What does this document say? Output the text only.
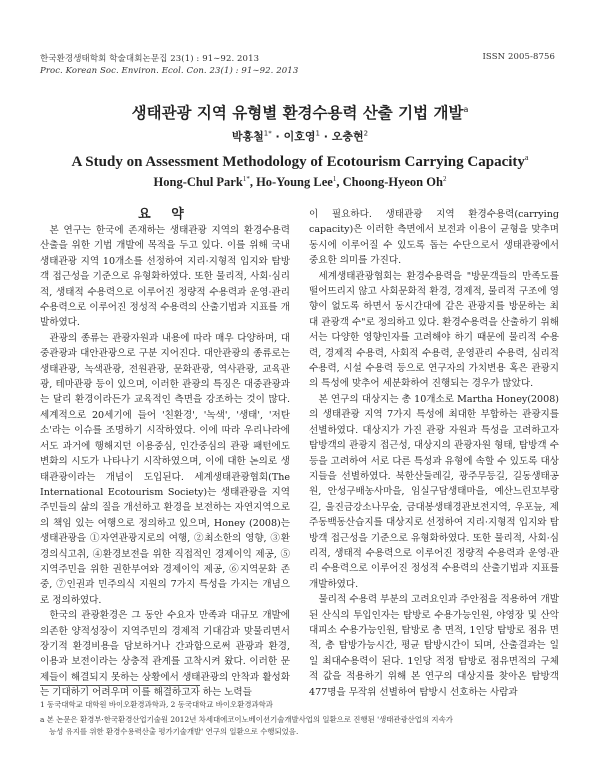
한국환경생태학회 학술대회논문집 23(1) : 91∼92. 2013
Proc. Korean Soc. Environ. Ecol. Con. 23(1) : 91∼92. 2013
ISSN 2005-8756
생태관광 지역 유형별 환경수용력 산출 기법 개발$^a$
박홍철$^{1*}$ · 이호영$^1$ · 오충현$^2$
A Study on Assessment Methodology of Ecotourism Carrying Capacity$^a$
Hong-Chul Park$^{1*}$, Ho-Young Lee$^1$, Choong-Hyeon Oh$^2$
요 약

본 연구는 한국에 존재하는 생태관광 지역의 환경수용력 산출을 위한 기법 개발에 목적을 두고 있다. 이를 위해 국내 생태관광 지역 10개소를 선정하여 지리·지형적 입지와 탐방객 접근성을 기준으로 유형화하였다. 또한 물리적, 사회·심리적, 생태적 수용력으로 이루어진 정량적 수용력과 운영·관리 수용력으로 이루어진 정성적 수용력의 산출기법과 지표를 개발하였다.

관광의 종류는 관광자원과 내용에 따라 매우 다양하며, 대중관광과 대안관광으로 구분 지어진다. 대안관광의 종류로는 생태관광, 녹색관광, 전원관광, 문화관광, 역사관광, 교육관광, 테마관광 등이 있으며, 이러한 관광의 특징은 대중관광과는 달리 환경이라든가 교육적인 측면을 강조하는 것이 많다. 세계적으로 20세기에 들어 '친환경', '녹색', '생태', '저탄소'라는 이슈를 조명하기 시작하였다. 이에 따라 우리나라에서도 과거에 행해지던 이용중심, 인간중심의 관광 패턴에도 변화의 시도가 나타나기 시작하였으며, 이에 대한 논의로 생태관광이라는 개념이 도입된다. 세계생태관광협회(The International Ecotourism Society)는 생태관광을 지역주민들의 삶의 질을 개선하고 환경을 보전하는 자연지역으로의 책임 있는 여행으로 정의하고 있으며, Honey (2008)는 생태관광을 ①자연관광지로의 여행, ②최소한의 영향, ③환경의식고취, ④환경보전을 위한 직접적인 경제이익 제공, ⑤지역주민을 위한 권한부여와 경제이익 제공, ⑥지역문화 존중, ⑦인권과 민주의식 지원의 7가지 특성을 가지는 개념으로 정의하였다.

한국의 관광환경은 그 동안 수요자 만족과 대규모 개발에 의존한 양적성장이 지역주민의 경제적 기대감과 맞물리면서 장기적 환경비용을 담보하거나 간과함으로써 관광과 환경, 이용과 보전이라는 상충적 관계를 고착시켜 왔다. 이러한 문제들이 해결되지 못하는 상황에서 생태관광의 안착과 활성화는 기대하기 어려우며 이를 해결하고자 하는 노력들

이 필요하다. 생태관광 지역 환경수용력(carrying capacity)은 이러한 측면에서 보전과 이용이 균형을 맞추며 동시에 이루어질 수 있도록 돕는 수단으로서 생태관광에서 중요한 의미를 가진다.

세계생태관광협회는 환경수용력을 "방문객들의 만족도를 떨어뜨리지 않고 사회문화적 환경, 경제적, 물리적 구조에 영향이 없도록 하면서 동시간대에 같은 관광지를 방문하는 최대 관광객 수"로 정의하고 있다. 환경수용력을 산출하기 위해서는 다양한 영향인자를 고려해야 하기 때문에 물리적 수용력, 경제적 수용력, 사회적 수용력, 운영관리 수용력, 심리적 수용력, 시설 수용력 등으로 연구자의 가치변용 혹은 관광지의 특성에 맞추어 세분화하여 진행되는 경우가 많았다.

본 연구의 대상지는 총 10개소로 Martha Honey(2008)의 생태관광 지역 7가지 특성에 최대한 부합하는 관광지를 선별하였다. 대상지가 가진 관광 자원과 특성을 고려하고자 탐방객의 관광지 접근성, 대상지의 관광자원 형태, 탐방객 수 등을 고려하여 서로 다른 특성과 유형에 속할 수 있도록 대상지들을 선별하였다. 북한산둘레길, 광주무등길, 길동생태공원, 안성구배농사마을, 임실구담생태마을, 예산느린꼬부랑길, 울진금강소나무숲, 금대봉생태경관보전지역, 우포늪, 제주동백동산습지를 대상지로 선정하여 지리·지형적 입지와 탐방객 접근성을 기준으로 유형화하였다. 또한 물리적, 사회·심리적, 생태적 수용력으로 이루어진 정량적 수용력과 운영·관리 수용력으로 이루어진 정성적 수용력의 산출기법과 지표를 개발하였다.

물리적 수용력 부분의 고려요인과 주안점을 적용하여 개발된 산식의 투입인자는 탐방로 수용가능인원, 야영장 및 산악대피소 수용가능인원, 탐방로 총 면적, 1인당 탐방로 점유 면적, 총 탐방가능시간, 평균 탐방시간이 되며, 산출결과는 일일 최대수용력이 된다. 1인당 적정 탐방로 점유면적의 구체적 값을 적용하기 위해 본 연구의 대상지를 찾아온 탐방객 477명을 무작위 선별하여 탐방시 선호하는 사람과

1 동국대학교 대학원 바이오환경과학과, 2 동국대학교 바이오환경과학과
a 본 논문은 환경부·한국환경산업기술원 2012년 차세대에코이노베이션기술개발사업의 일환으로 진행된 '생태관광산업의 지속가
능성 유지를 위한 환경수용력산출 평가기술개발' 연구의 일환으로 수행되었음.
